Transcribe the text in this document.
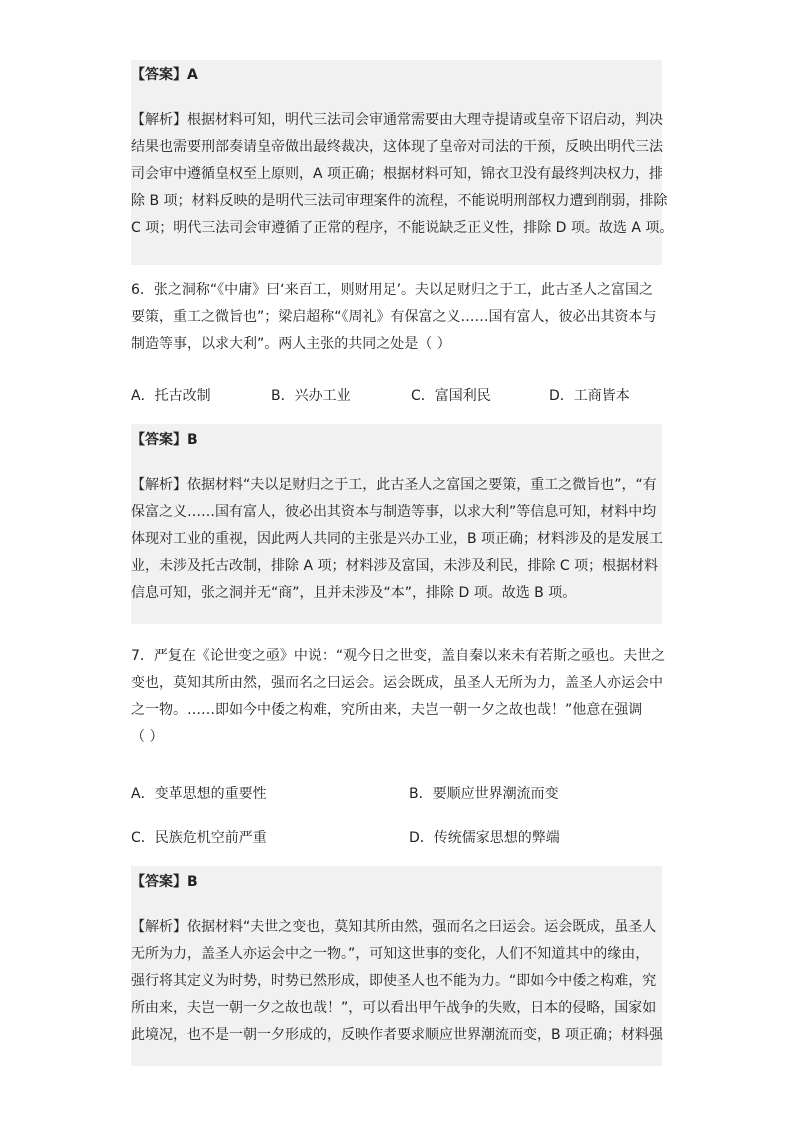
【答案】A
【解析】根据材料可知，明代三法司会审通常需要由大理寺提请或皇帝下诏启动，判决
结果也需要刑部奏请皇帝做出最终裁决，这体现了皇帝对司法的干预，反映出明代三法
司会审中遵循皇权至上原则，A 项正确；根据材料可知，锦衣卫没有最终判决权力，排
除 B 项；材料反映的是明代三法司审理案件的流程，不能说明刑部权力遭到削弱，排除
C 项；明代三法司会审遵循了正常的程序，不能说缺乏正义性，排除 D 项。故选 A 项。
6．张之洞称“《中庸》曰‘来百工，则财用足’。夫以足财归之于工，此古圣人之富国之
要策，重工之微旨也”；梁启超称“《周礼》有保富之义……国有富人，彼必出其资本与
制造等事，以求大利”。两人主张的共同之处是（ ）
A．托古改制	B．兴办工业	C．富国利民	D．工商皆本
【答案】B
【解析】依据材料“夫以足财归之于工，此古圣人之富国之要策，重工之微旨也”，“有
保富之义……国有富人，彼必出其资本与制造等事，以求大利”等信息可知，材料中均
体现对工业的重视，因此两人共同的主张是兴办工业，B 项正确；材料涉及的是发展工
业，未涉及托古改制，排除 A 项；材料涉及富国，未涉及利民，排除 C 项；根据材料
信息可知，张之洞并无“商”，且并未涉及“本”，排除 D 项。故选 B 项。
7．严复在《论世变之亟》中说：“观今日之世变，盖自秦以来未有若斯之亟也。夫世之
变也，莫知其所由然，强而名之曰运会。运会既成，虽圣人无所为力，盖圣人亦运会中
之一物。……即如今中倭之构难，究所由来，夫岂一朝一夕之故也哉！”他意在强调
（ ）
A．变革思想的重要性	B．要顺应世界潮流而变
C．民族危机空前严重	D．传统儒家思想的弊端
【答案】B
【解析】依据材料“夫世之变也，莫知其所由然，强而名之曰运会。运会既成，虽圣人
无所为力，盖圣人亦运会中之一物。”，可知这世事的变化，人们不知道其中的缘由，
强行将其定义为时势，时势已然形成，即使圣人也不能为力。“即如今中倭之构难，究
所由来，夫岂一朝一夕之故也哉！”，可以看出甲午战争的失败，日本的侵略，国家如
此境况，也不是一朝一夕形成的，反映作者要求顺应世界潮流而变，B 项正确；材料强
